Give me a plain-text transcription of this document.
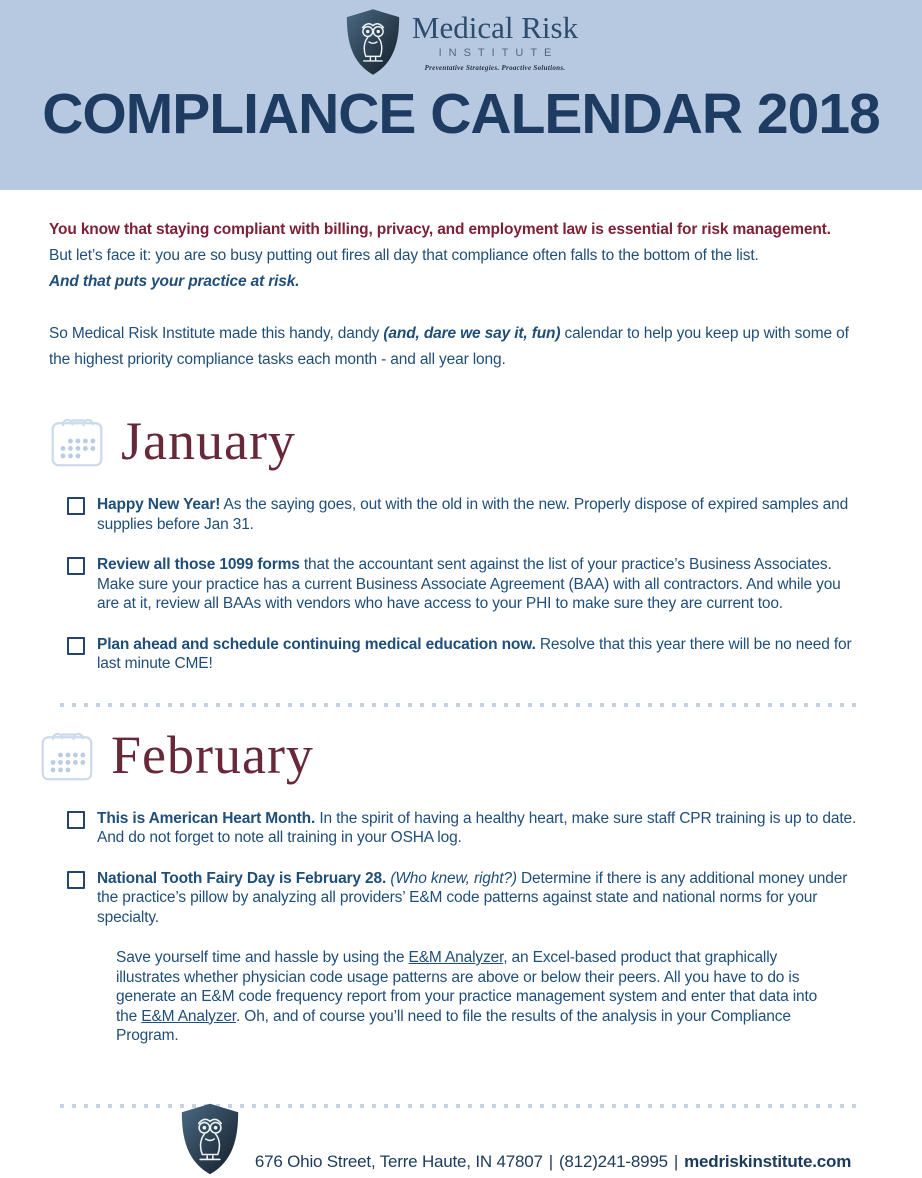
Medical Risk
INSTITUTE
Preventative Strategies. Proactive Solutions.
COMPLIANCE CALENDAR 2018
You know that staying compliant with billing, privacy, and employment law is essential for risk management.
But let’s face it: you are so busy putting out fires all day that compliance often falls to the bottom of the list.
And that puts your practice at risk.

So Medical Risk Institute made this handy, dandy (and, dare we say it, fun) calendar to help you keep up with some of the highest priority compliance tasks each month - and all year long.

January

Happy New Year! As the saying goes, out with the old in with the new. Properly dispose of expired samples and supplies before Jan 31.

Review all those 1099 forms that the accountant sent against the list of your practice’s Business Associates. Make sure your practice has a current Business Associate Agreement (BAA) with all contractors. And while you are at it, review all BAAs with vendors who have access to your PHI to make sure they are current too.

Plan ahead and schedule continuing medical education now. Resolve that this year there will be no need for last minute CME!

February

This is American Heart Month. In the spirit of having a healthy heart, make sure staff CPR training is up to date. And do not forget to note all training in your OSHA log.

National Tooth Fairy Day is February 28. (Who knew, right?) Determine if there is any additional money under the practice’s pillow by analyzing all providers’ E&M code patterns against state and national norms for your specialty.

Save yourself time and hassle by using the E&M Analyzer, an Excel-based product that graphically illustrates whether physician code usage patterns are above or below their peers. All you have to do is generate an E&M code frequency report from your practice management system and enter that data into the E&M Analyzer. Oh, and of course you’ll need to file the results of the analysis in your Compliance Program.

676 Ohio Street, Terre Haute, IN 47807 | (812)241-8995 | medriskinstitute.com
